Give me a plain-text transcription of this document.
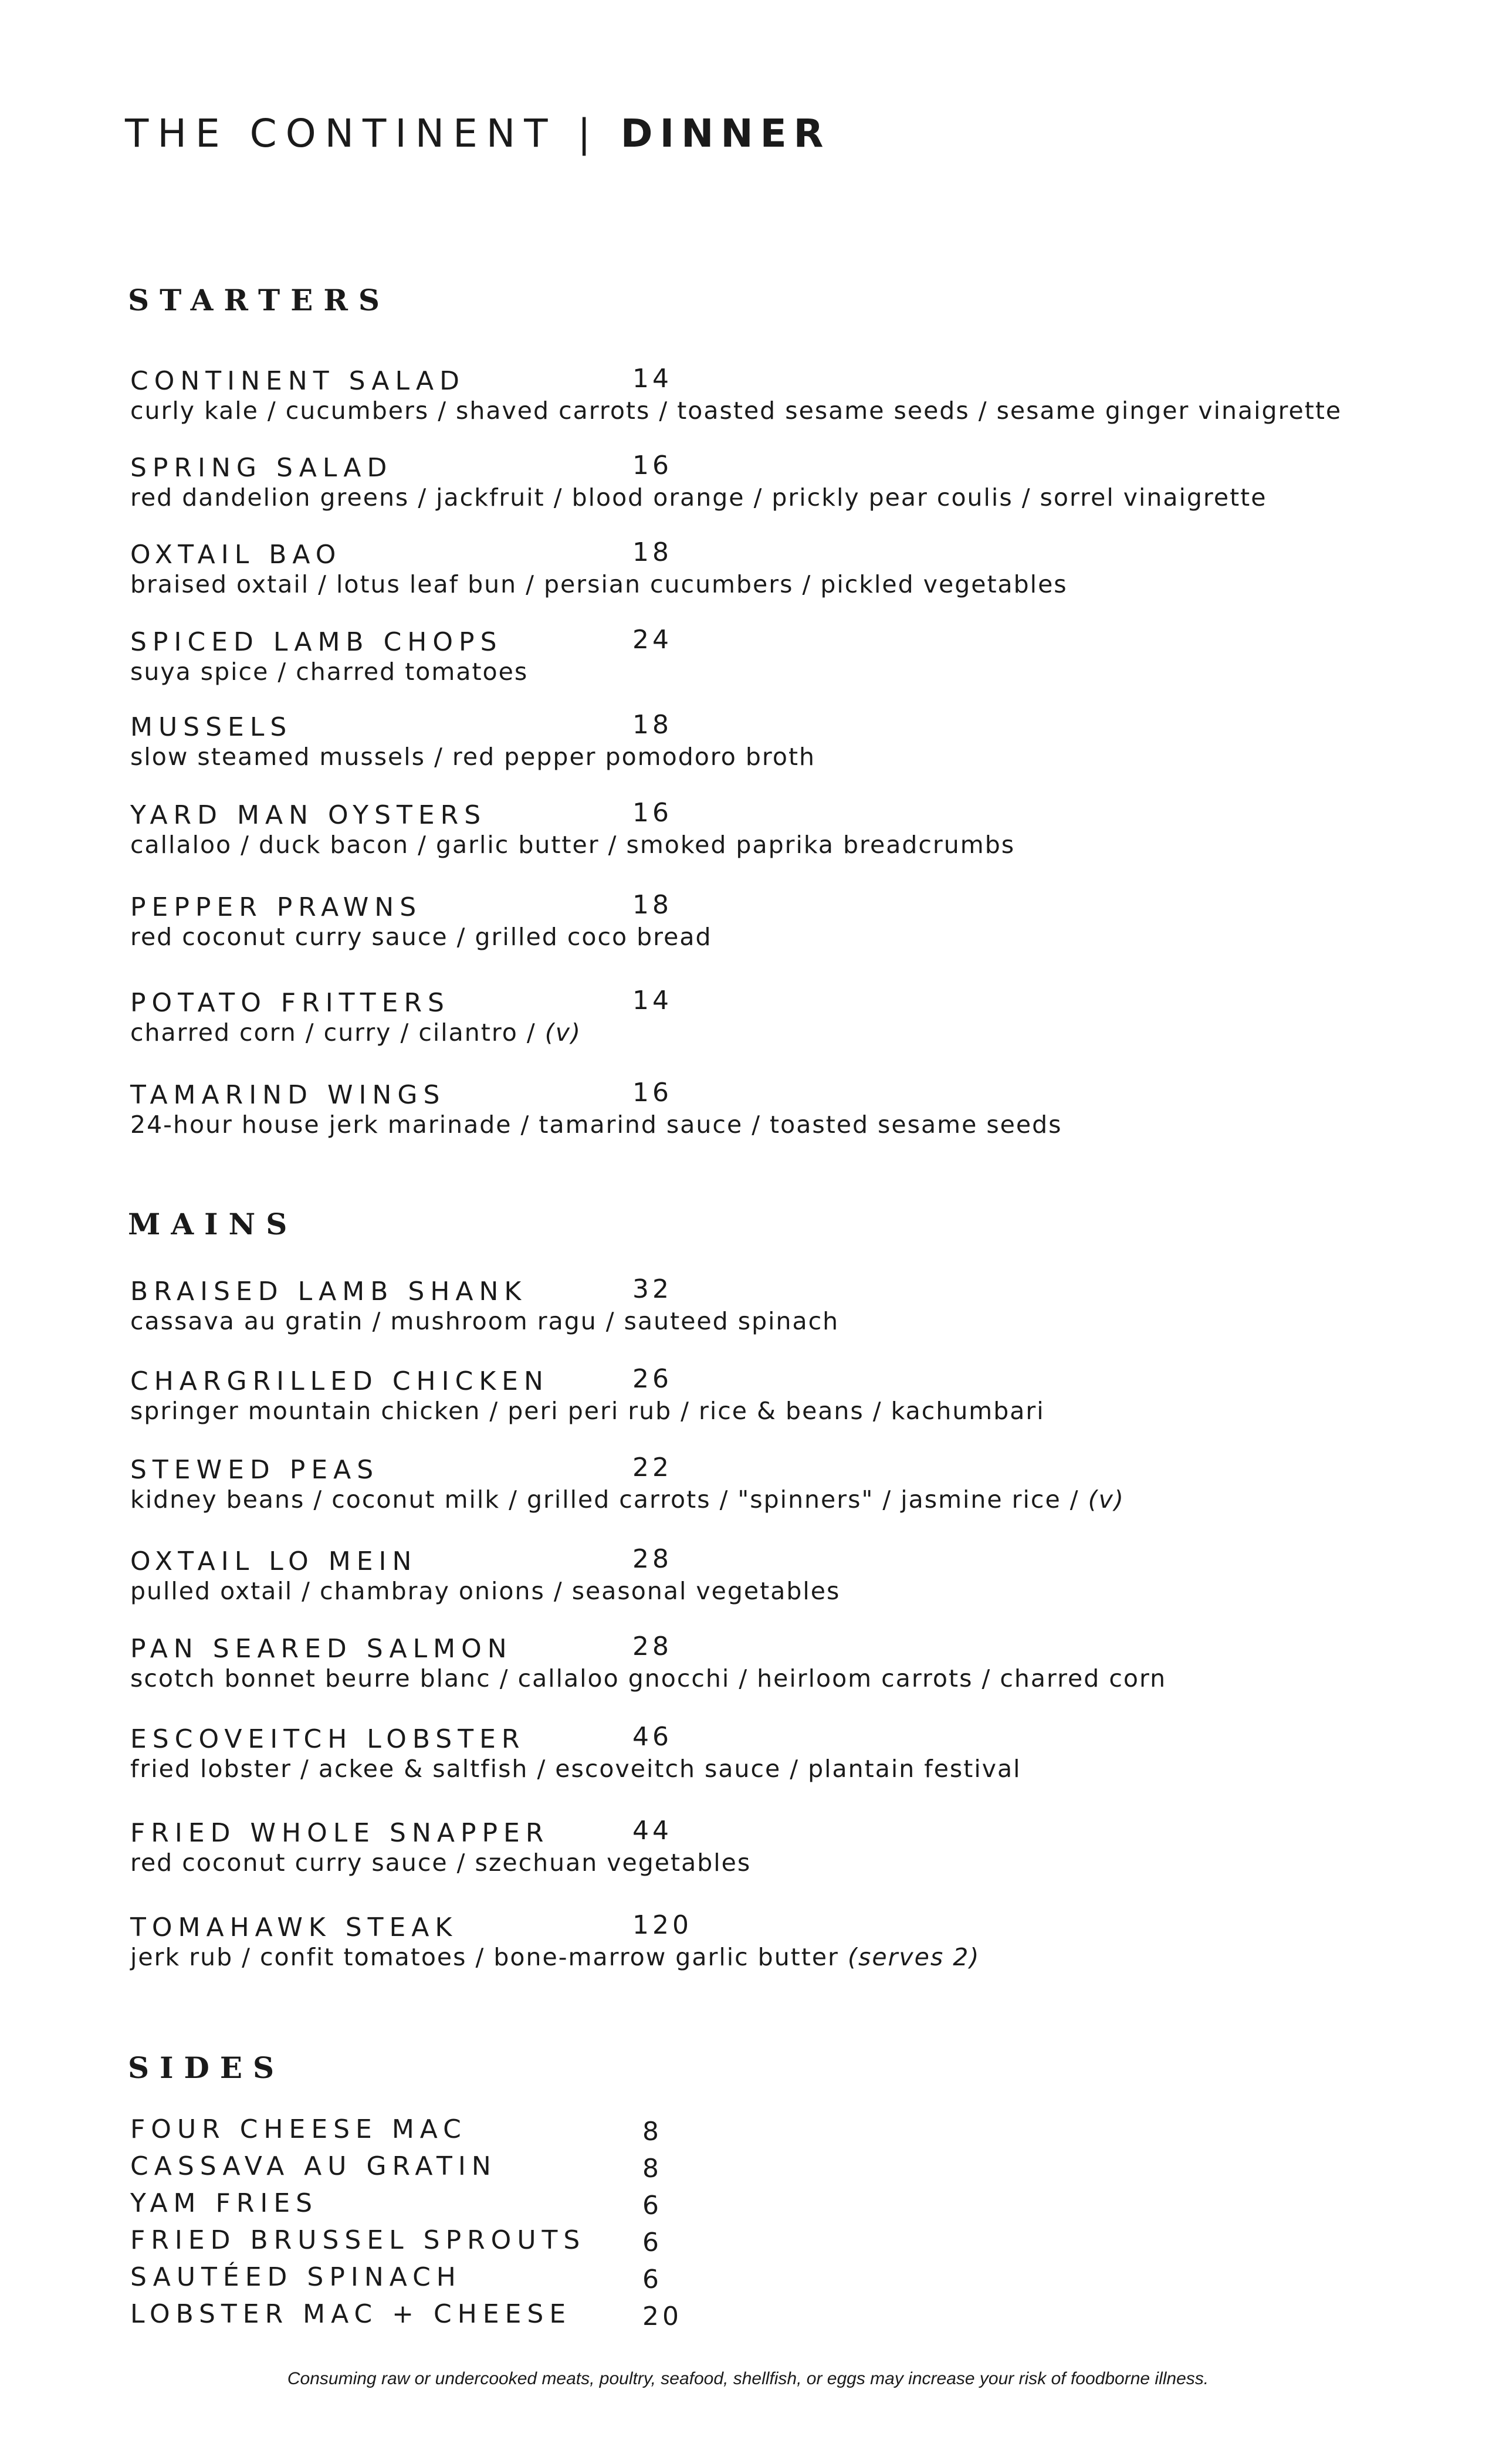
THE CONTINENT | DINNER
STARTERS
CONTINENT SALAD	14
curly kale / cucumbers / shaved carrots / toasted sesame seeds / sesame ginger vinaigrette
SPRING SALAD	16
red dandelion greens / jackfruit / blood orange / prickly pear coulis / sorrel vinaigrette
OXTAIL BAO	18
braised oxtail / lotus leaf bun / persian cucumbers / pickled vegetables
SPICED LAMB CHOPS	24
suya spice / charred tomatoes
MUSSELS	18
slow steamed mussels / red pepper pomodoro broth
YARD MAN OYSTERS	16
callaloo / duck bacon / garlic butter / smoked paprika breadcrumbs
PEPPER PRAWNS	18
red coconut curry sauce / grilled coco bread
POTATO FRITTERS	14
charred corn / curry / cilantro / (v)
TAMARIND WINGS	16
24-hour house jerk marinade / tamarind sauce / toasted sesame seeds
MAINS
BRAISED LAMB SHANK	32
cassava au gratin / mushroom ragu / sauteed spinach
CHARGRILLED CHICKEN	26
springer mountain chicken / peri peri rub / rice & beans / kachumbari
STEWED PEAS	22
kidney beans / coconut milk / grilled carrots / "spinners" / jasmine rice / (v)
OXTAIL LO MEIN	28
pulled oxtail / chambray onions / seasonal vegetables
PAN SEARED SALMON	28
scotch bonnet beurre blanc / callaloo gnocchi / heirloom carrots / charred corn
ESCOVEITCH LOBSTER	46
fried lobster / ackee & saltfish / escoveitch sauce / plantain festival
FRIED WHOLE SNAPPER	44
red coconut curry sauce / szechuan vegetables
TOMAHAWK STEAK	120
jerk rub / confit tomatoes / bone-marrow garlic butter (serves 2)
SIDES
FOUR CHEESE MAC	8
CASSAVA AU GRATIN	8
YAM FRIES	6
FRIED BRUSSEL SPROUTS 6
SAUTÉED SPINACH	6
LOBSTER MAC + CHEESE	20
Consuming raw or undercooked meats, poultry, seafood, shellfish, or eggs may increase your risk of foodborne illness.
